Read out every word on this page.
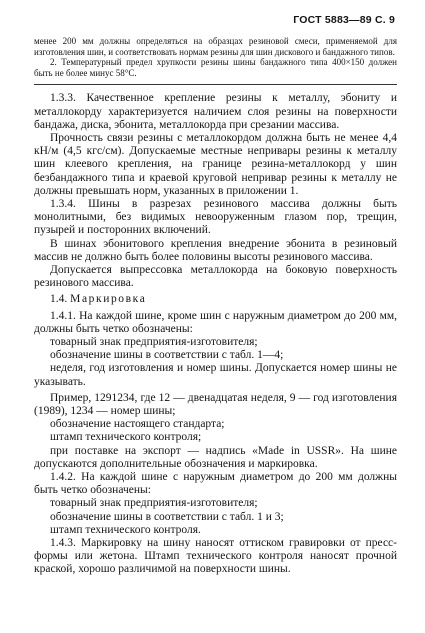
ГОСТ 5883—89 С. 9

менее 200 мм должны определяться на образцах резиновой смеси, применяемой для изготовления шин, и соответствовать нормам резины для шин дискового и бандажного типов.

2. Температурный предел хрупкости резины шины бандажного типа 400×150 должен быть не более минус 58°С.

1.3.3. Качественное крепление резины к металлу, эбониту и металлокорду характеризуется наличием слоя резины на поверхности бандажа, диска, эбонита, металлокорда при срезании массива.

Прочность связи резины с металлокордом должна быть не менее 4,4 кН/м (4,5 кгс/см). Допускаемые местные непривары резины к металлу шин клеевого крепления, на границе резина-металлокорд у шин безбандажного типа и краевой круговой непривар резины к металлу не должны превышать норм, указанных в приложении 1.

1.3.4. Шины в разрезах резинового массива должны быть монолитными, без видимых невооруженным глазом пор, трещин, пузырей и посторонних включений.

В шинах эбонитового крепления внедрение эбонита в резиновый массив не должно быть более половины высоты резинового массива.

Допускается выпрессовка металлокорда на боковую поверхность резинового массива.

1.4. Маркировка

1.4.1. На каждой шине, кроме шин с наружным диаметром до 200 мм, должны быть четко обозначены:

товарный знак предприятия-изготовителя;

обозначение шины в соответствии с табл. 1—4;

неделя, год изготовления и номер шины. Допускается номер шины не указывать.

Пример, 1291234, где 12 — двенадцатая неделя, 9 — год изготовления (1989), 1234 — номер шины;

обозначение настоящего стандарта;

штамп технического контроля;

при поставке на экспорт — надпись «Made in USSR». На шине допускаются дополнительные обозначения и маркировка.

1.4.2. На каждой шине с наружным диаметром до 200 мм должны быть четко обозначены:

товарный знак предприятия-изготовителя;

обозначение шины в соответствии с табл. 1 и 3;

штамп технического контроля.

1.4.3. Маркировку на шину наносят оттиском гравировки от пресс-формы или жетона. Штамп технического контроля наносят прочной краской, хорошо различимой на поверхности шины.
